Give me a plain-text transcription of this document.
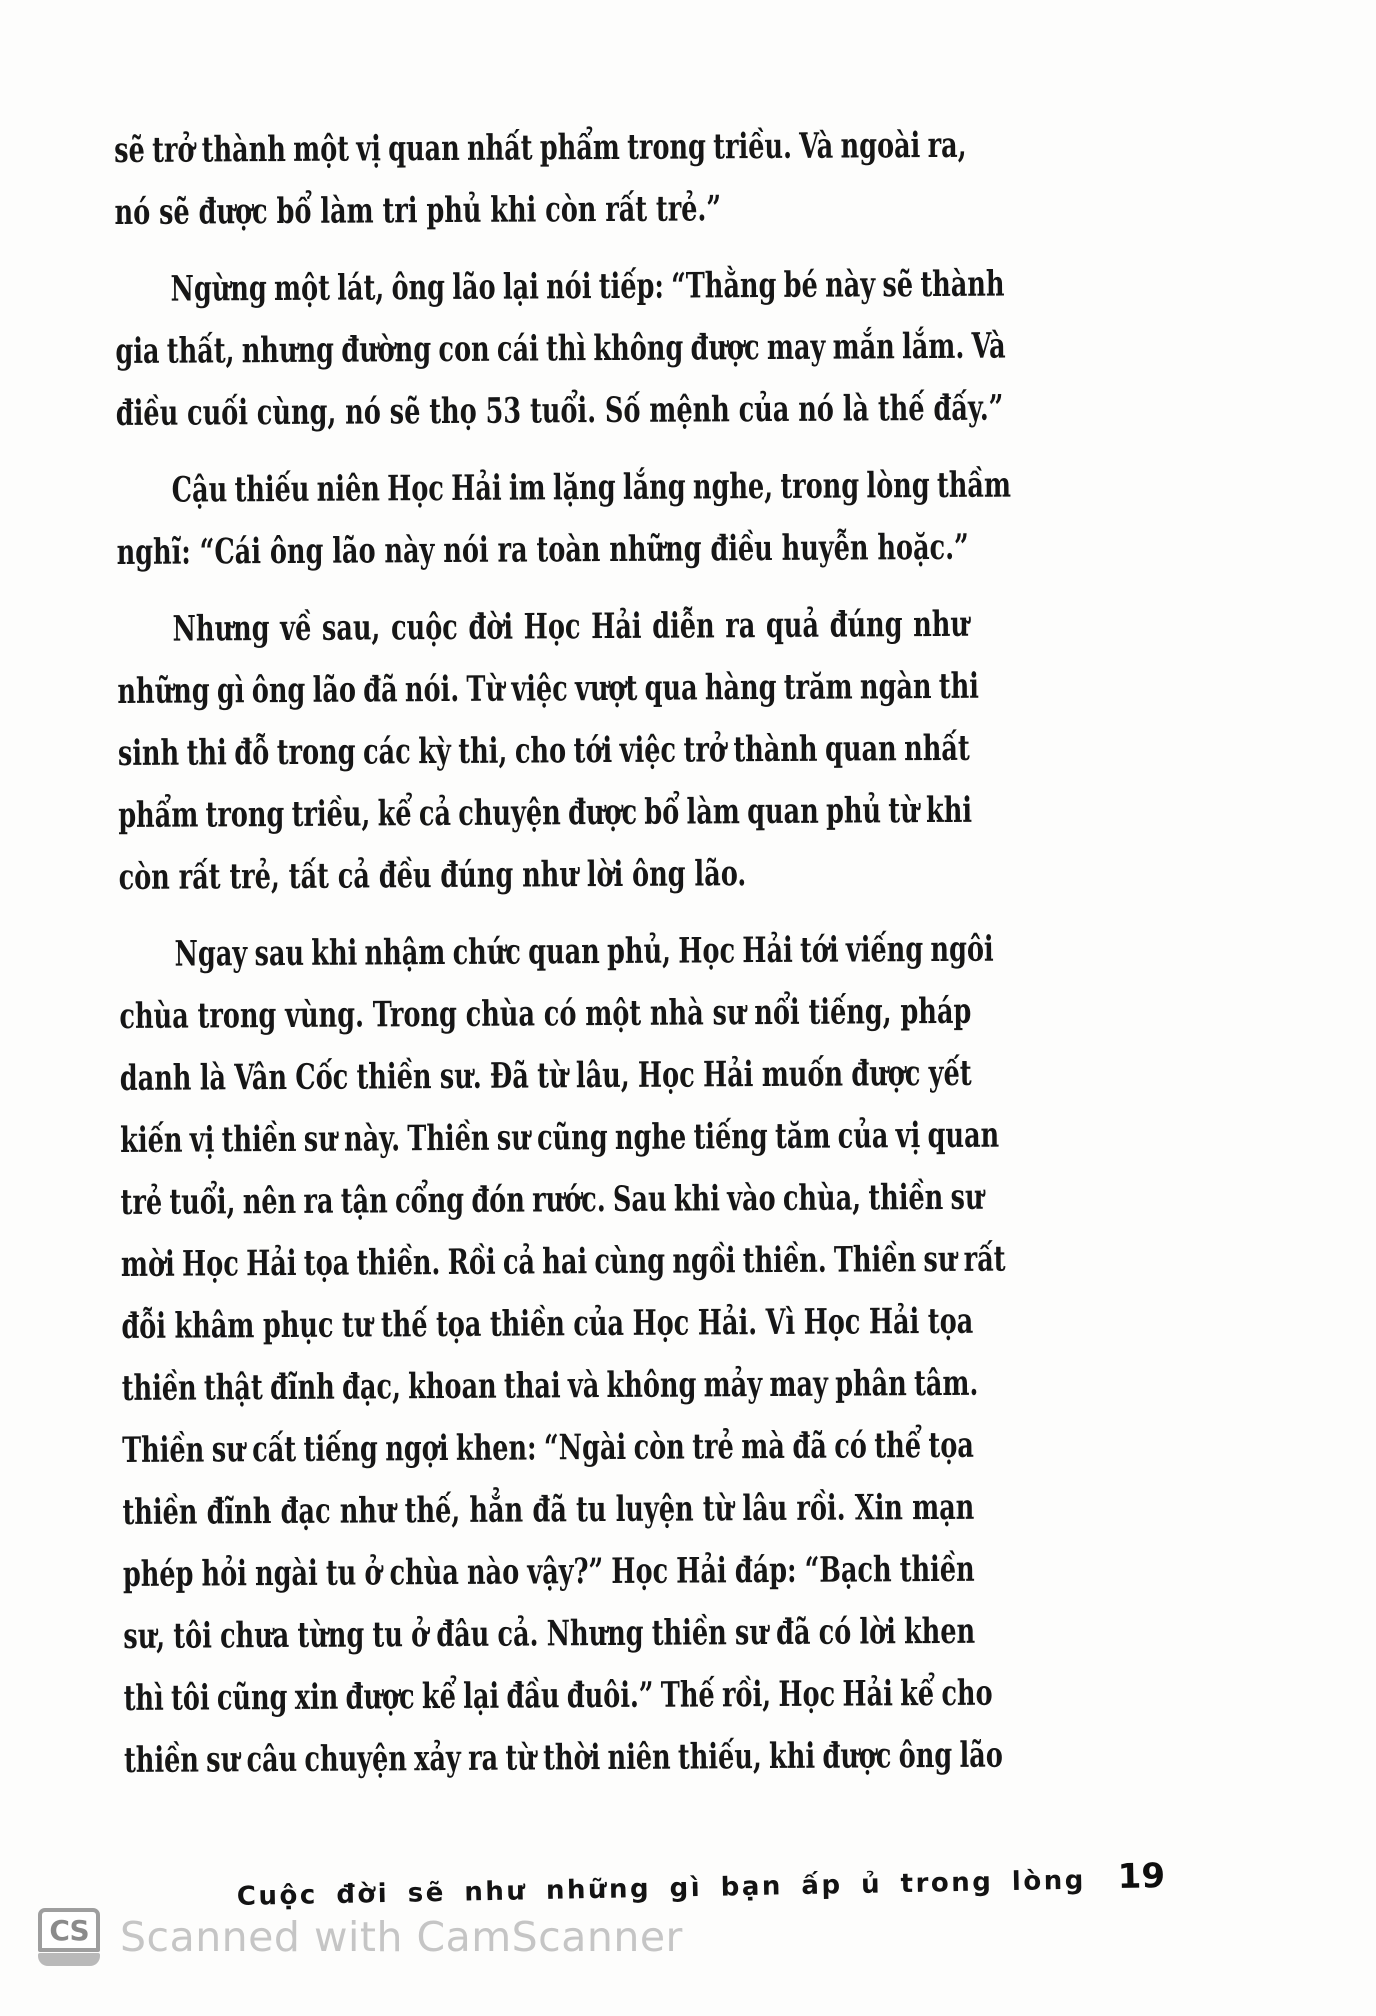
sẽ trở thành một vị quan nhất phẩm trong triều. Và ngoài ra,
nó sẽ được bổ làm tri phủ khi còn rất trẻ.”
Ngừng một lát, ông lão lại nói tiếp: “Thằng bé này sẽ thành
gia thất, nhưng đường con cái thì không được may mắn lắm. Và
điều cuối cùng, nó sẽ thọ 53 tuổi. Số mệnh của nó là thế đấy.”
Cậu thiếu niên Học Hải im lặng lắng nghe, trong lòng thầm
nghĩ: “Cái ông lão này nói ra toàn những điều huyễn hoặc.”
Nhưng về sau, cuộc đời Học Hải diễn ra quả đúng như
những gì ông lão đã nói. Từ việc vượt qua hàng trăm ngàn thi
sinh thi đỗ trong các kỳ thi, cho tới việc trở thành quan nhất
phẩm trong triều, kể cả chuyện được bổ làm quan phủ từ khi
còn rất trẻ, tất cả đều đúng như lời ông lão.
Ngay sau khi nhậm chức quan phủ, Học Hải tới viếng ngôi
chùa trong vùng. Trong chùa có một nhà sư nổi tiếng, pháp
danh là Vân Cốc thiền sư. Đã từ lâu, Học Hải muốn được yết
kiến vị thiền sư này. Thiền sư cũng nghe tiếng tăm của vị quan
trẻ tuổi, nên ra tận cổng đón rước. Sau khi vào chùa, thiền sư
mời Học Hải tọa thiền. Rồi cả hai cùng ngồi thiền. Thiền sư rất
đỗi khâm phục tư thế tọa thiền của Học Hải. Vì Học Hải tọa
thiền thật đĩnh đạc, khoan thai và không mảy may phân tâm.
Thiền sư cất tiếng ngợi khen: “Ngài còn trẻ mà đã có thể tọa
thiền đĩnh đạc như thế, hẳn đã tu luyện từ lâu rồi. Xin mạn
phép hỏi ngài tu ở chùa nào vậy?” Học Hải đáp: “Bạch thiền
sư, tôi chưa từng tu ở đâu cả. Nhưng thiền sư đã có lời khen
thì tôi cũng xin được kể lại đầu đuôi.” Thế rồi, Học Hải kể cho
thiền sư câu chuyện xảy ra từ thời niên thiếu, khi được ông lão
Cuộc đời sẽ như những gì bạn ấp ủ trong lòng 19
CS Scanned with CamScanner
